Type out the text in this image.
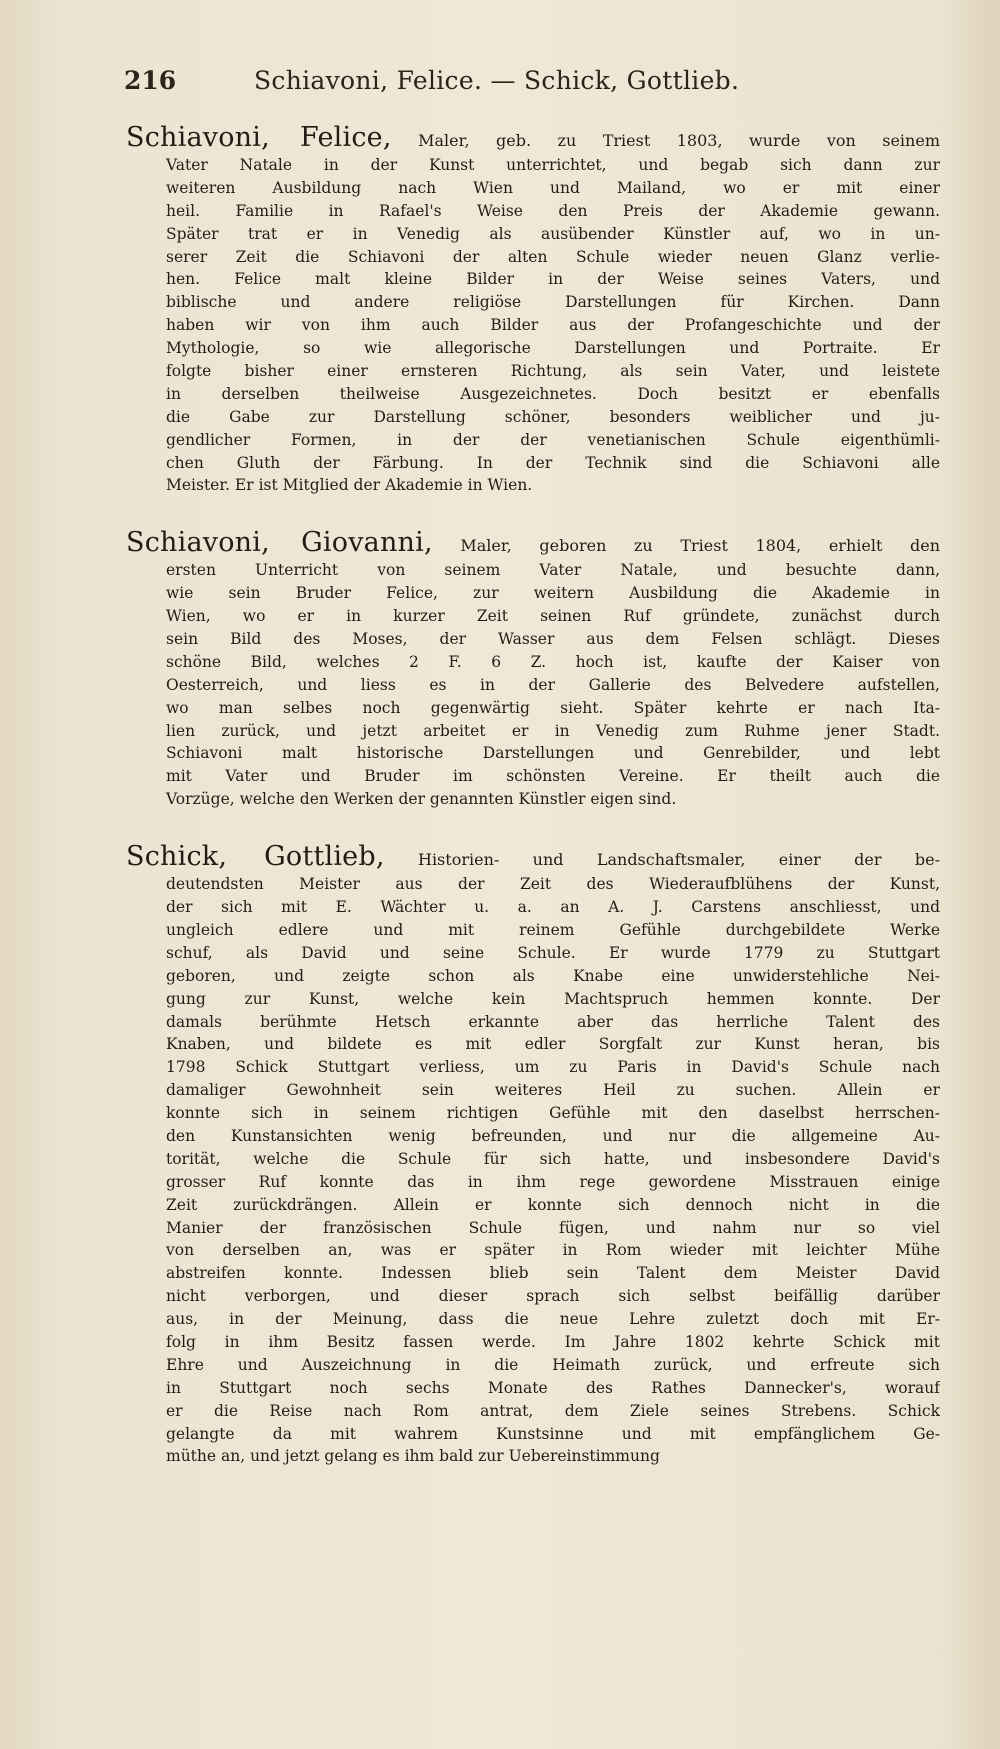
216	Schiavoni, Felice. — Schick, Gottlieb.
Schiavoni, Felice, Maler, geb. zu Triest 1803, wurde von seinem
Vater Natale in der Kunst unterrichtet, und begab sich dann zur
weiteren Ausbildung nach Wien und Mailand, wo er mit einer
heil. Familie in Rafael's Weise den Preis der Akademie gewann.
Später trat er in Venedig als ausübender Künstler auf, wo in un-
serer Zeit die Schiavoni der alten Schule wieder neuen Glanz verlie-
hen. Felice malt kleine Bilder in der Weise seines Vaters, und
biblische und andere religiöse Darstellungen für Kirchen. Dann
haben wir von ihm auch Bilder aus der Profangeschichte und der
Mythologie, so wie allegorische Darstellungen und Portraite. Er
folgte bisher einer ernsteren Richtung, als sein Vater, und leistete
in derselben theilweise Ausgezeichnetes. Doch besitzt er ebenfalls
die Gabe zur Darstellung schöner, besonders weiblicher und ju-
gendlicher Formen, in der der venetianischen Schule eigenthümli-
chen Gluth der Färbung. In der Technik sind die Schiavoni alle
Meister. Er ist Mitglied der Akademie in Wien.
Schiavoni, Giovanni, Maler, geboren zu Triest 1804, erhielt den
ersten Unterricht von seinem Vater Natale, und besuchte dann,
wie sein Bruder Felice, zur weitern Ausbildung die Akademie in
Wien, wo er in kurzer Zeit seinen Ruf gründete, zunächst durch
sein Bild des Moses, der Wasser aus dem Felsen schlägt. Dieses
schöne Bild, welches 2 F. 6 Z. hoch ist, kaufte der Kaiser von
Oesterreich, und liess es in der Gallerie des Belvedere aufstellen,
wo man selbes noch gegenwärtig sieht. Später kehrte er nach Ita-
lien zurück, und jetzt arbeitet er in Venedig zum Ruhme jener Stadt.
Schiavoni malt historische Darstellungen und Genrebilder, und lebt
mit Vater und Bruder im schönsten Vereine. Er theilt auch die
Vorzüge, welche den Werken der genannten Künstler eigen sind.
Schick, Gottlieb, Historien- und Landschaftsmaler, einer der be-
deutendsten Meister aus der Zeit des Wiederaufblühens der Kunst,
der sich mit E. Wächter u. a. an A. J. Carstens anschliesst, und
ungleich edlere und mit reinem Gefühle durchgebildete Werke
schuf, als David und seine Schule. Er wurde 1779 zu Stuttgart
geboren, und zeigte schon als Knabe eine unwiderstehliche Nei-
gung zur Kunst, welche kein Machtspruch hemmen konnte. Der
damals berühmte Hetsch erkannte aber das herrliche Talent des
Knaben, und bildete es mit edler Sorgfalt zur Kunst heran, bis
1798 Schick Stuttgart verliess, um zu Paris in David's Schule nach
damaliger Gewohnheit sein weiteres Heil zu suchen. Allein er
konnte sich in seinem richtigen Gefühle mit den daselbst herrschen-
den Kunstansichten wenig befreunden, und nur die allgemeine Au-
torität, welche die Schule für sich hatte, und insbesondere David's
grosser Ruf konnte das in ihm rege gewordene Misstrauen einige
Zeit zurückdrängen. Allein er konnte sich dennoch nicht in die
Manier der französischen Schule fügen, und nahm nur so viel
von derselben an, was er später in Rom wieder mit leichter Mühe
abstreifen konnte. Indessen blieb sein Talent dem Meister David
nicht verborgen, und dieser sprach sich selbst beifällig darüber
aus, in der Meinung, dass die neue Lehre zuletzt doch mit Er-
folg in ihm Besitz fassen werde. Im Jahre 1802 kehrte Schick mit
Ehre und Auszeichnung in die Heimath zurück, und erfreute sich
in Stuttgart noch sechs Monate des Rathes Dannecker's, worauf
er die Reise nach Rom antrat, dem Ziele seines Strebens. Schick
gelangte da mit wahrem Kunstsinne und mit empfänglichem Ge-
müthe an, und jetzt gelang es ihm bald zur Uebereinstimmung
